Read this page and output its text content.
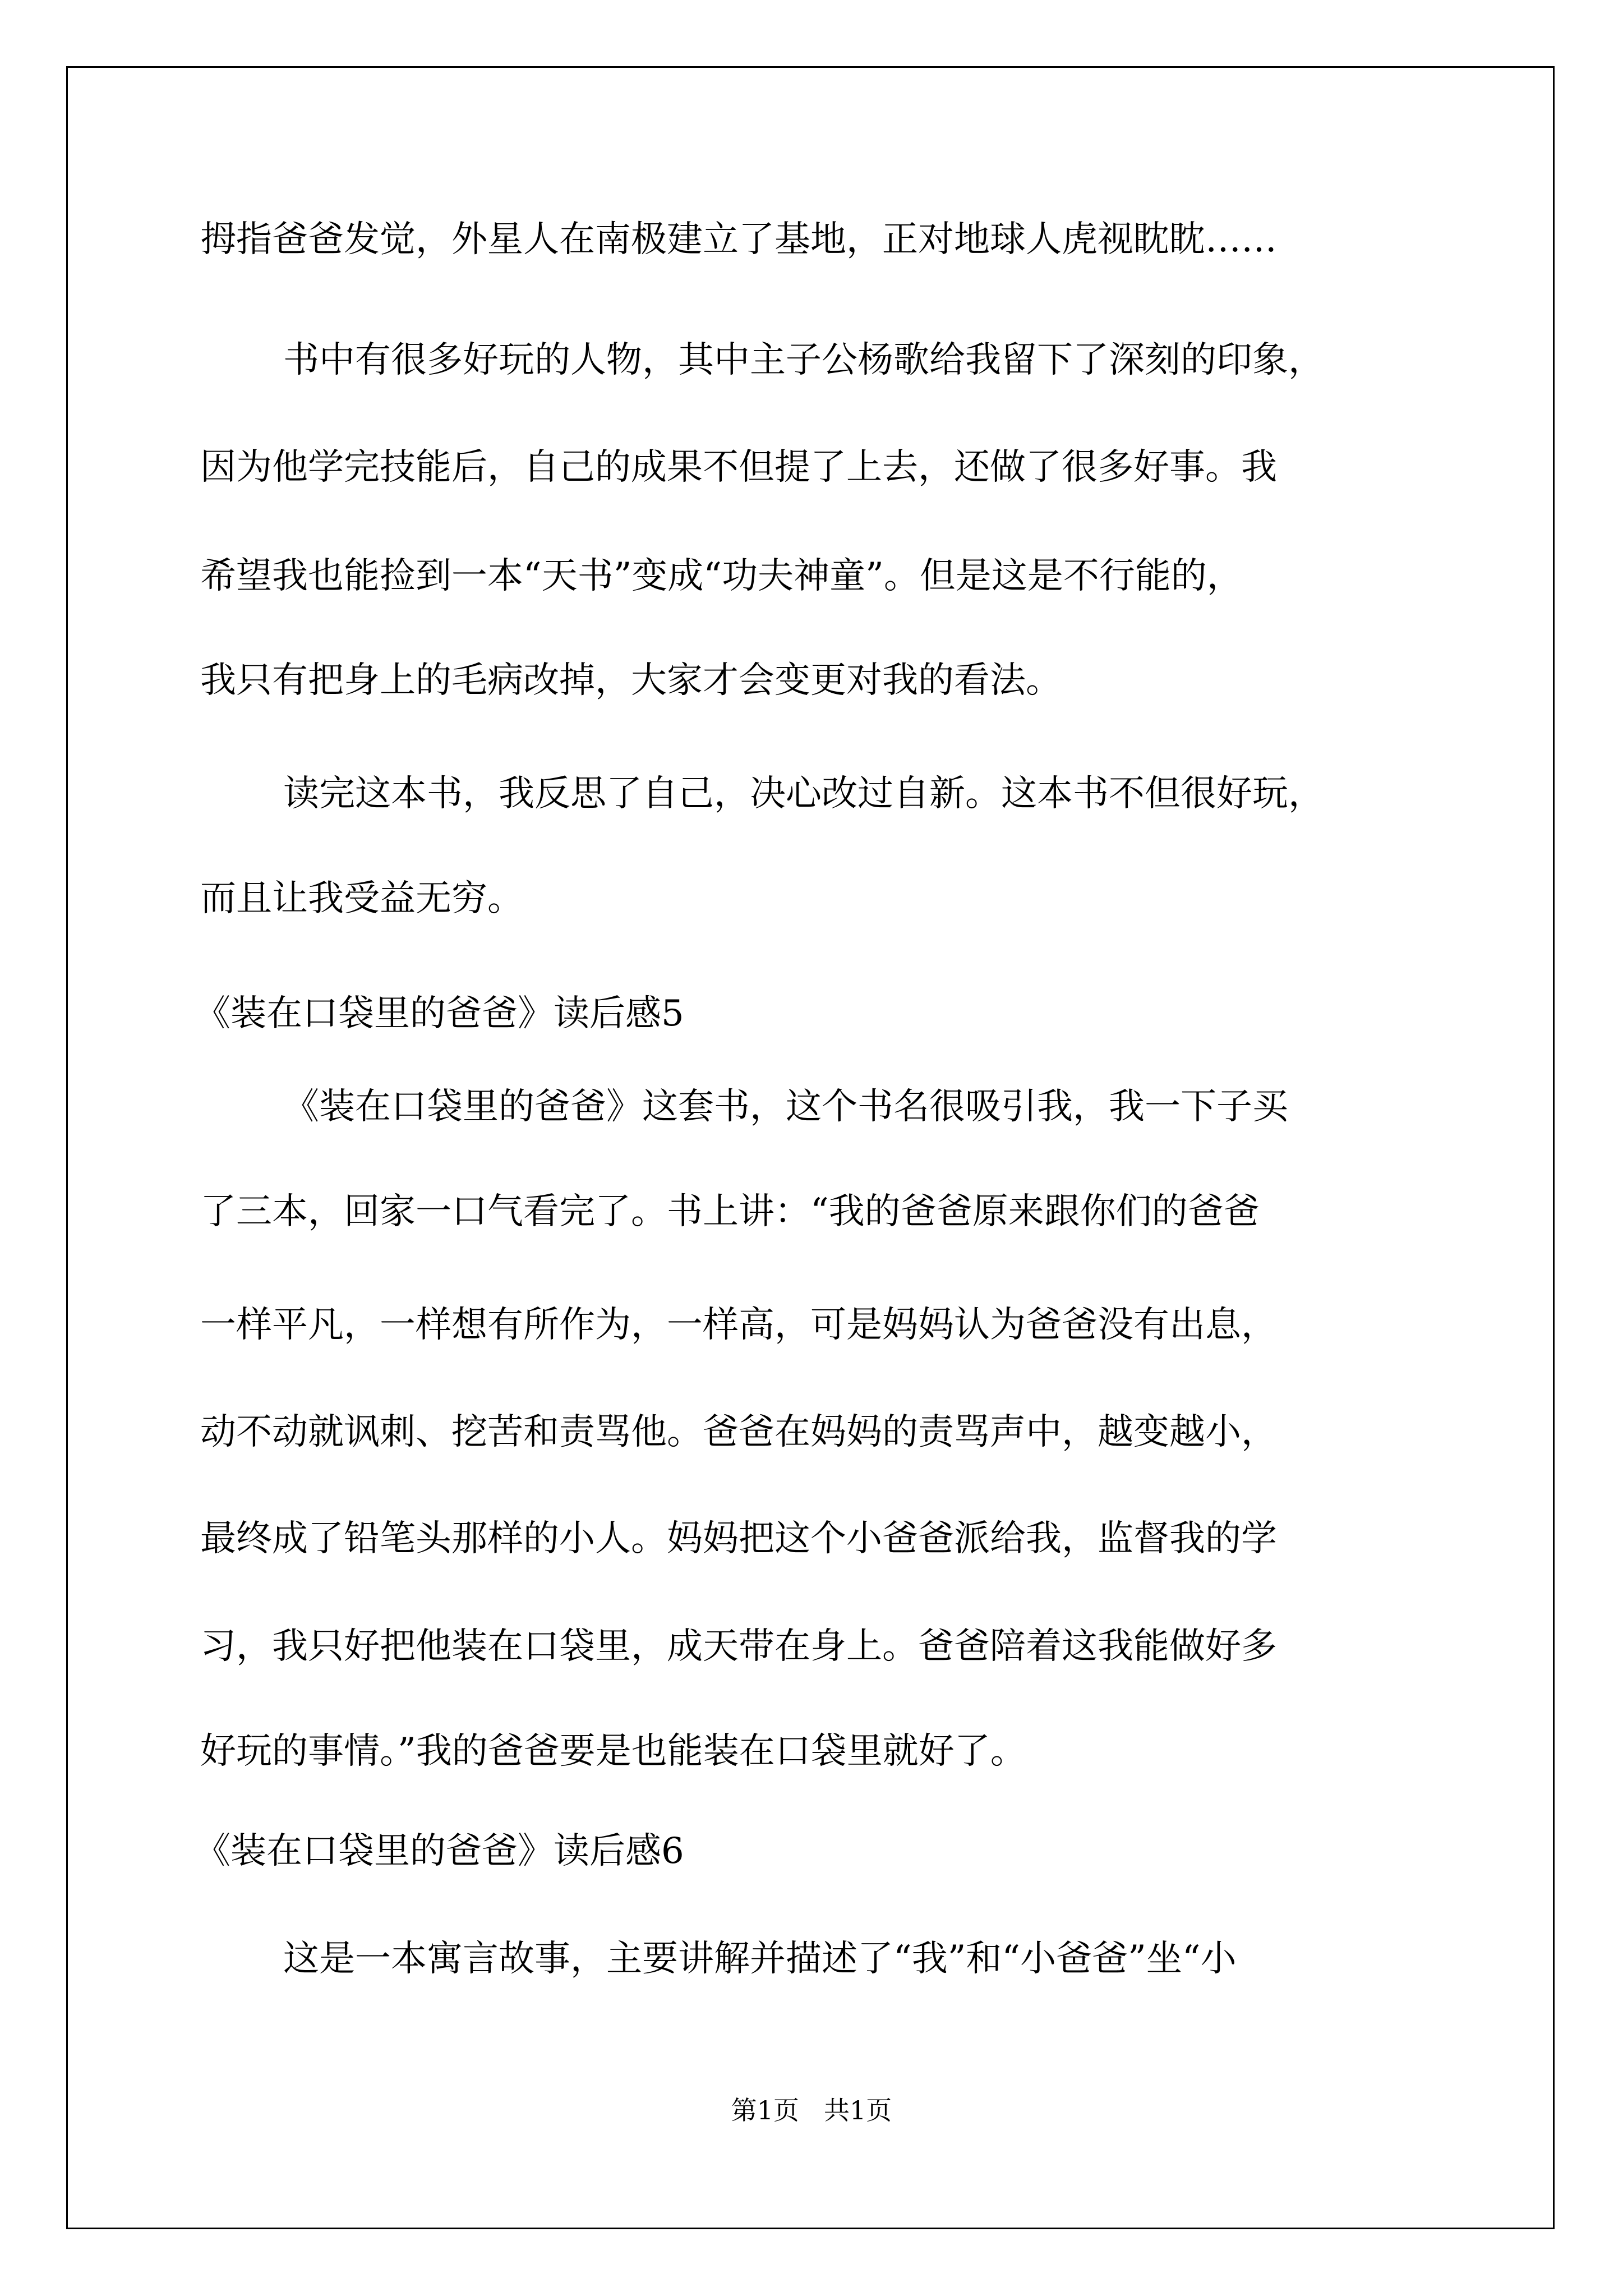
拇指爸爸发觉，外星人在南极建立了基地，正对地球人虎视眈眈……
书中有很多好玩的人物，其中主子公杨歌给我留下了深刻的印象，
因为他学完技能后，自己的成果不但提了上去，还做了很多好事。我
希望我也能捡到一本“天书”变成“功夫神童”。但是这是不行能的，
我只有把身上的毛病改掉，大家才会变更对我的看法。
读完这本书，我反思了自己，决心改过自新。这本书不但很好玩，
而且让我受益无穷。
《装在口袋里的爸爸》读后感5
《装在口袋里的爸爸》这套书，这个书名很吸引我，我一下子买
了三本，回家一口气看完了。书上讲：“我的爸爸原来跟你们的爸爸
一样平凡，一样想有所作为，一样高，可是妈妈认为爸爸没有出息，
动不动就讽刺、挖苦和责骂他。爸爸在妈妈的责骂声中，越变越小，
最终成了铅笔头那样的小人。妈妈把这个小爸爸派给我，监督我的学
习，我只好把他装在口袋里，成天带在身上。爸爸陪着这我能做好多
好玩的事情。”我的爸爸要是也能装在口袋里就好了。
《装在口袋里的爸爸》读后感6
这是一本寓言故事，主要讲解并描述了“我”和“小爸爸”坐“小
第1页 共1页
